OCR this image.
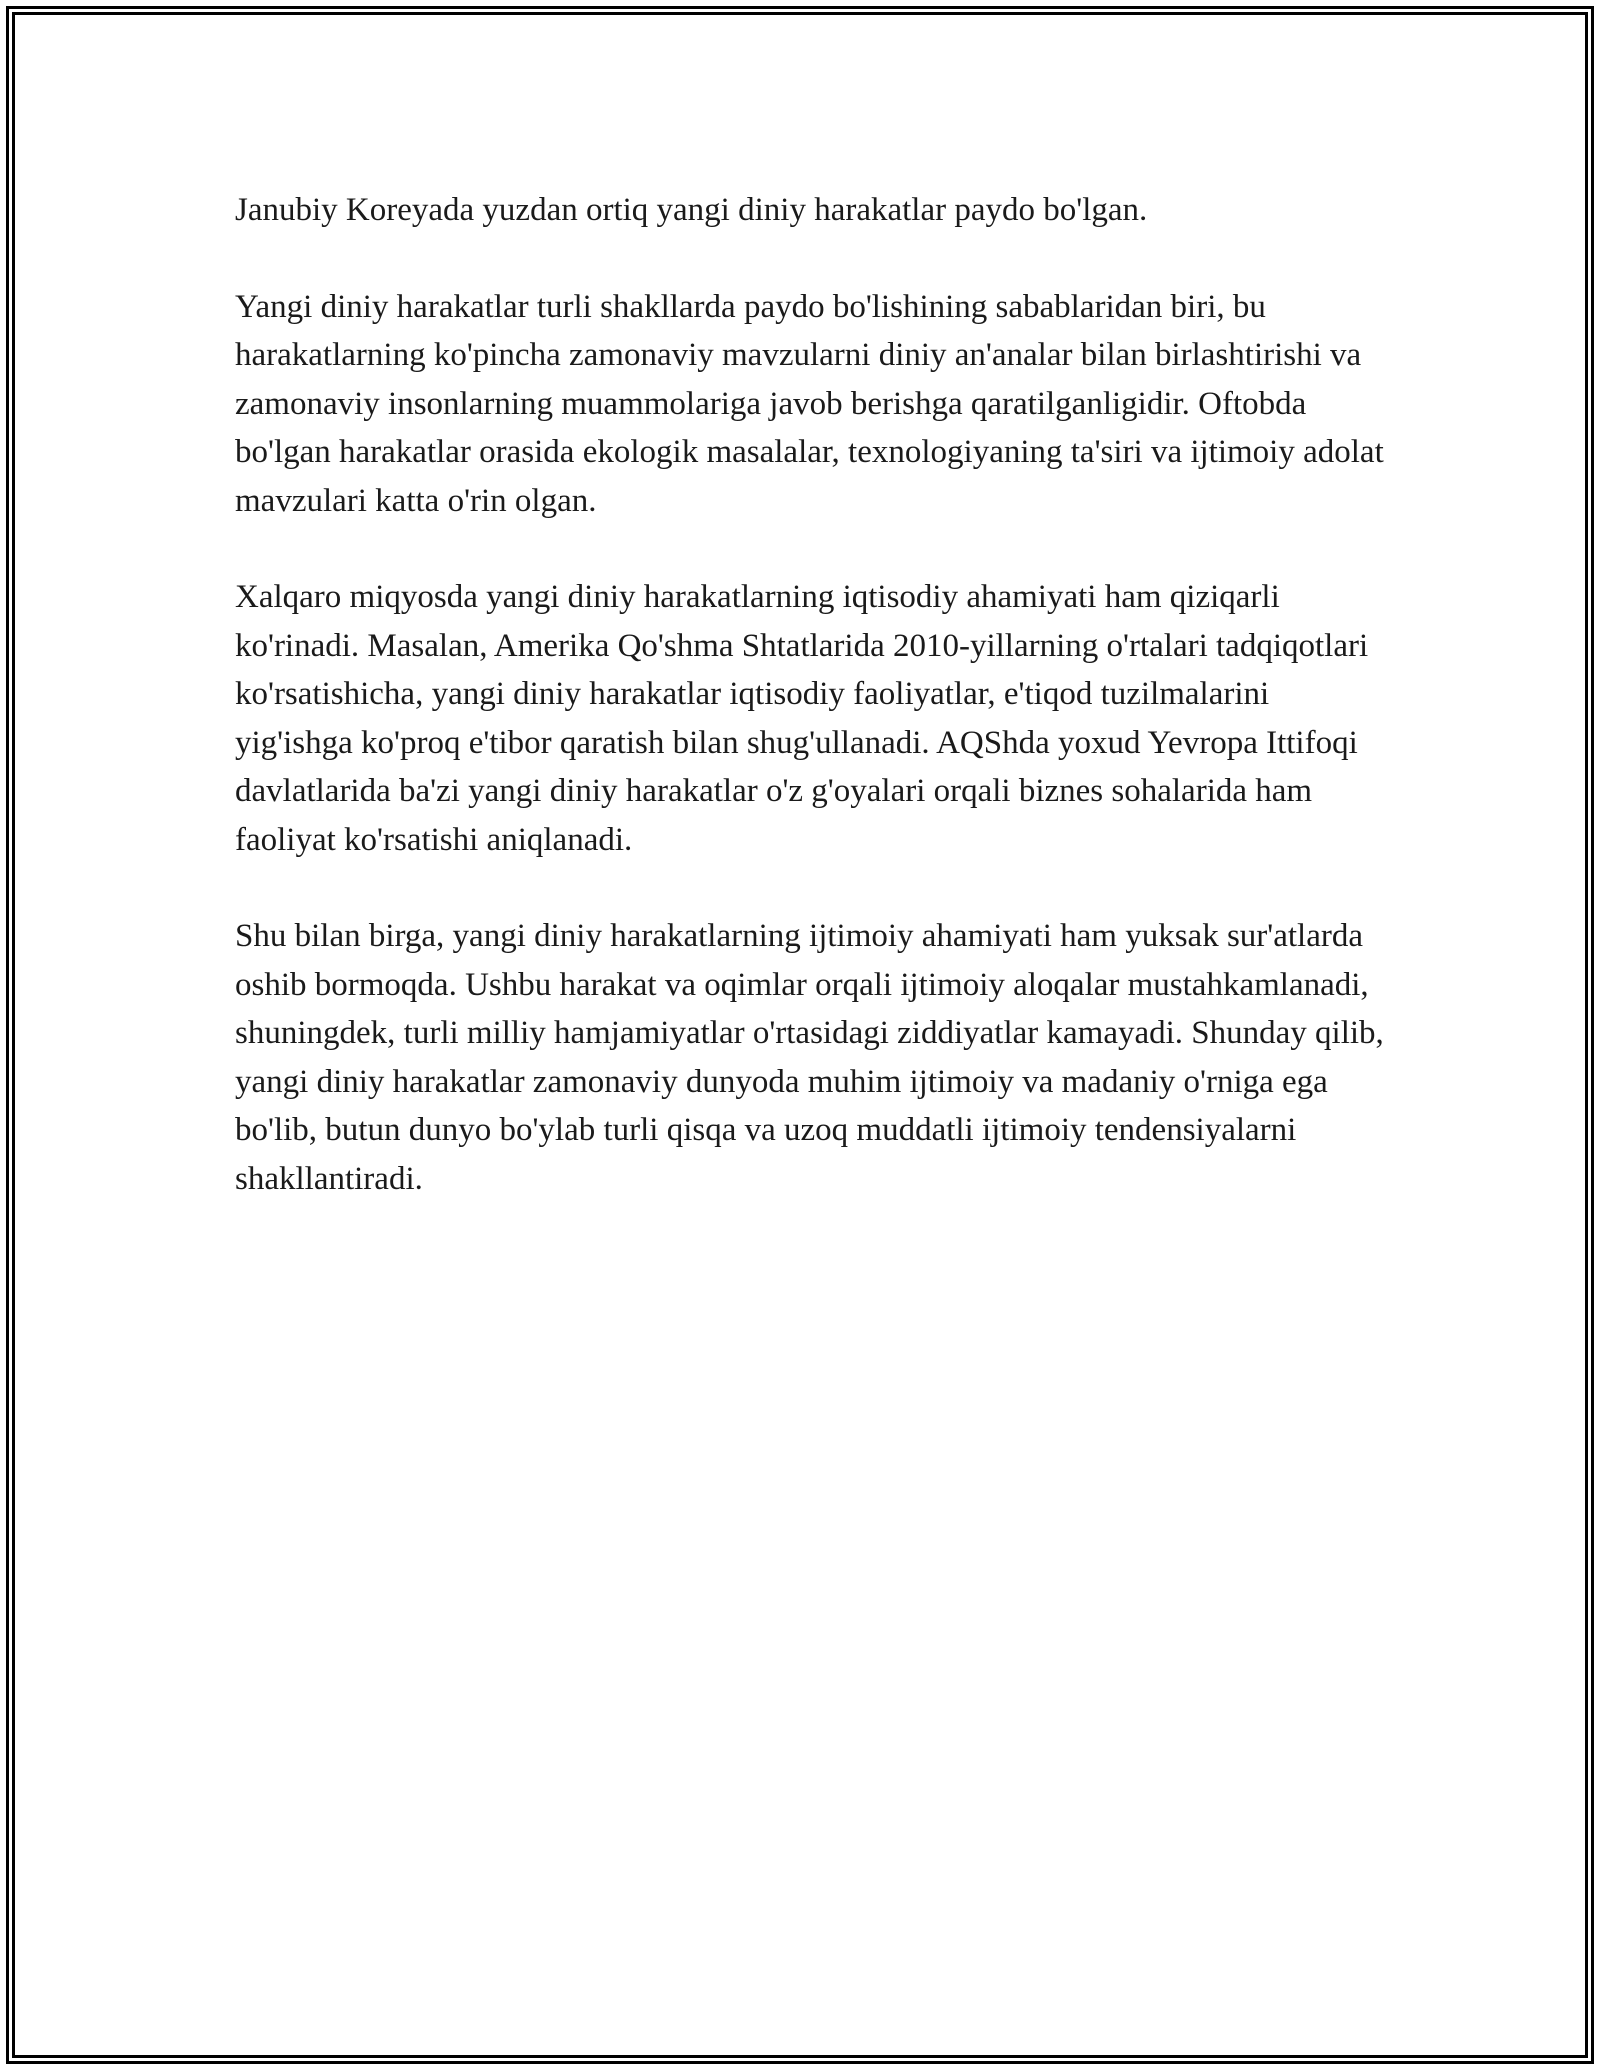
Janubiy Koreyada yuzdan ortiq yangi diniy harakatlar paydo bo'lgan.

Yangi diniy harakatlar turli shakllarda paydo bo'lishining sabablaridan biri, bu harakatlarning ko'pincha zamonaviy mavzularni diniy an'analar bilan birlashtirishi va zamonaviy insonlarning muammolariga javob berishga qaratilganligidir. Oftobda bo'lgan harakatlar orasida ekologik masalalar, texnologiyaning ta'siri va ijtimoiy adolat mavzulari katta o'rin olgan.

Xalqaro miqyosda yangi diniy harakatlarning iqtisodiy ahamiyati ham qiziqarli ko'rinadi. Masalan, Amerika Qo'shma Shtatlarida 2010-yillarning o'rtalari tadqiqotlari ko'rsatishicha, yangi diniy harakatlar iqtisodiy faoliyatlar, e'tiqod tuzilmalarini yig'ishga ko'proq e'tibor qaratish bilan shug'ullanadi. AQShda yoxud Yevropa Ittifoqi davlatlarida ba'zi yangi diniy harakatlar o'z g'oyalari orqali biznes sohalarida ham faoliyat ko'rsatishi aniqlanadi.

Shu bilan birga, yangi diniy harakatlarning ijtimoiy ahamiyati ham yuksak sur'atlarda oshib bormoqda. Ushbu harakat va oqimlar orqali ijtimoiy aloqalar mustahkamlanadi, shuningdek, turli milliy hamjamiyatlar o'rtasidagi ziddiyatlar kamayadi. Shunday qilib, yangi diniy harakatlar zamonaviy dunyoda muhim ijtimoiy va madaniy o'rniga ega bo'lib, butun dunyo bo'ylab turli qisqa va uzoq muddatli ijtimoiy tendensiyalarni shakllantiradi.
